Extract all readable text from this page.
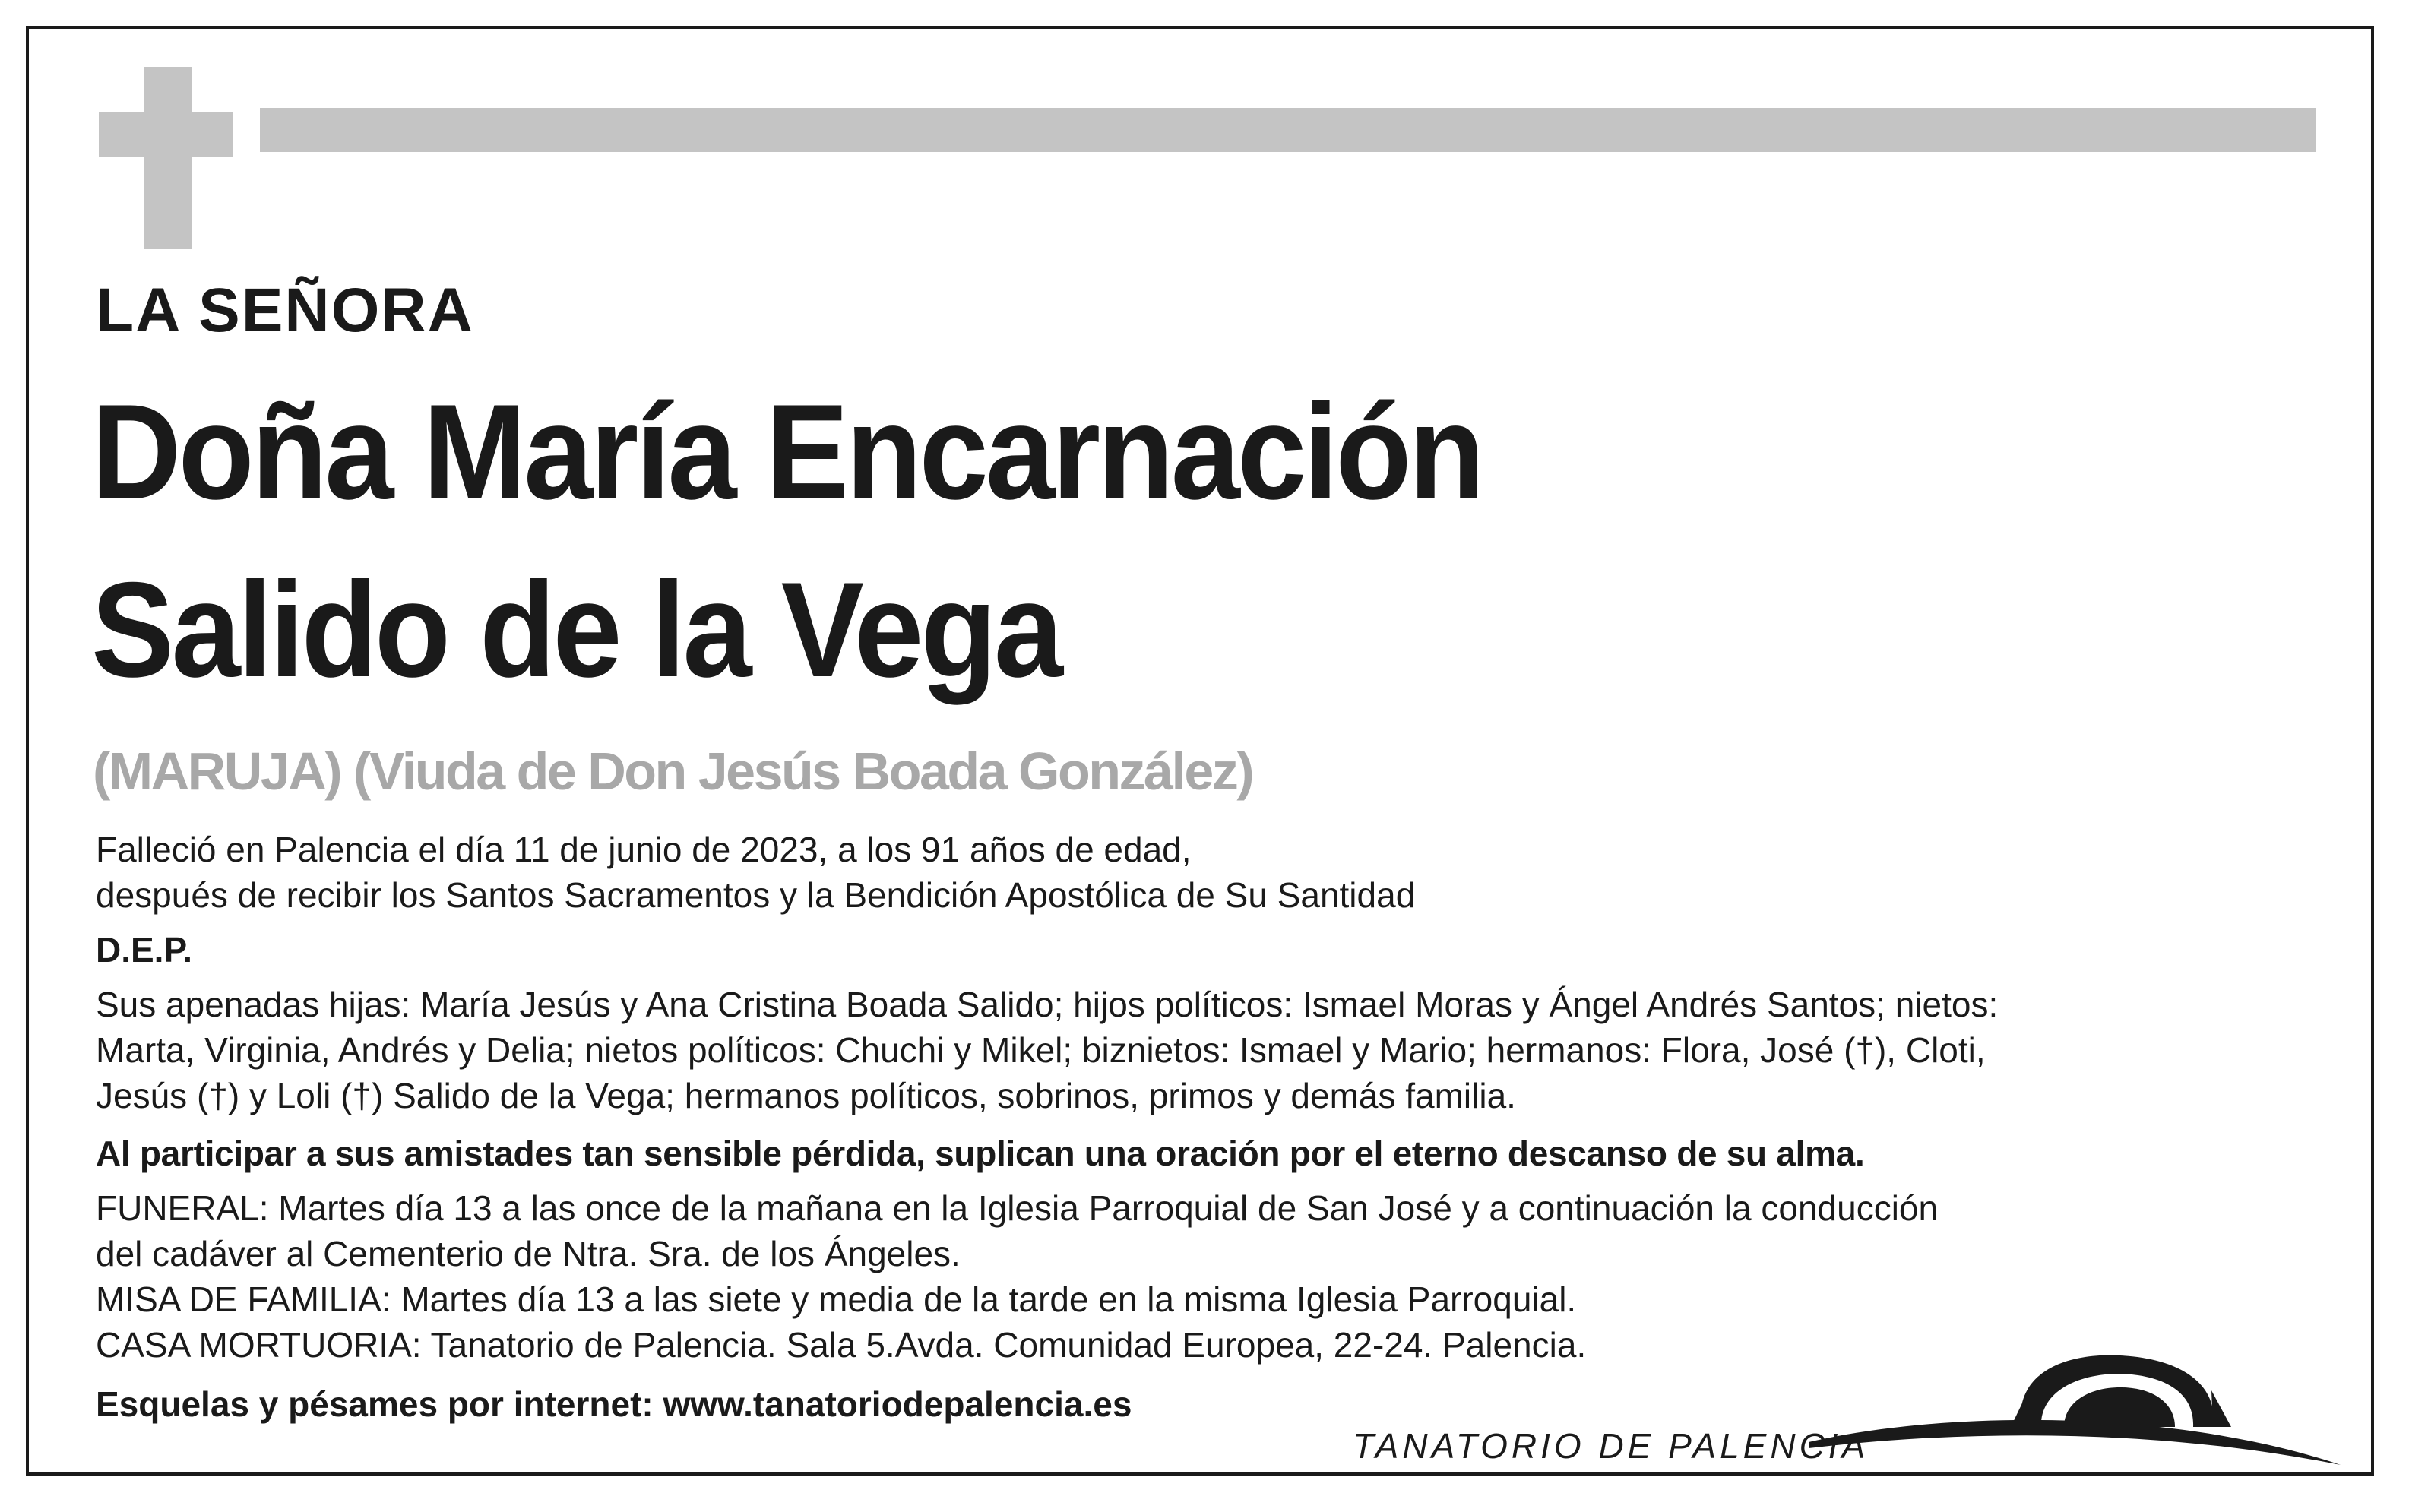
LA SEÑORA
Doña María Encarnación
Salido de la Vega
(MARUJA) (Viuda de Don Jesús Boada González)
Falleció en Palencia el día 11 de junio de 2023, a los 91 años de edad,
después de recibir los Santos Sacramentos y la Bendición Apostólica de Su Santidad
D.E.P.
Sus apenadas hijas: María Jesús y Ana Cristina Boada Salido; hijos políticos: Ismael Moras y Ángel Andrés Santos; nietos:
Marta, Virginia, Andrés y Delia; nietos políticos: Chuchi y Mikel; biznietos: Ismael y Mario; hermanos: Flora, José (†), Cloti,
Jesús (†) y Loli (†) Salido de la Vega; hermanos políticos, sobrinos, primos y demás familia.
Al participar a sus amistades tan sensible pérdida, suplican una oración por el eterno descanso de su alma.
FUNERAL: Martes día 13 a las once de la mañana en la Iglesia Parroquial de San José y a continuación la conducción
del cadáver al Cementerio de Ntra. Sra. de los Ángeles.
MISA DE FAMILIA: Martes día 13 a las siete y media de la tarde en la misma Iglesia Parroquial.
CASA MORTUORIA: Tanatorio de Palencia. Sala 5.Avda. Comunidad Europea, 22-24. Palencia.
Esquelas y pésames por internet: www.tanatoriodepalencia.es
TANATORIO DE PALENCIA
